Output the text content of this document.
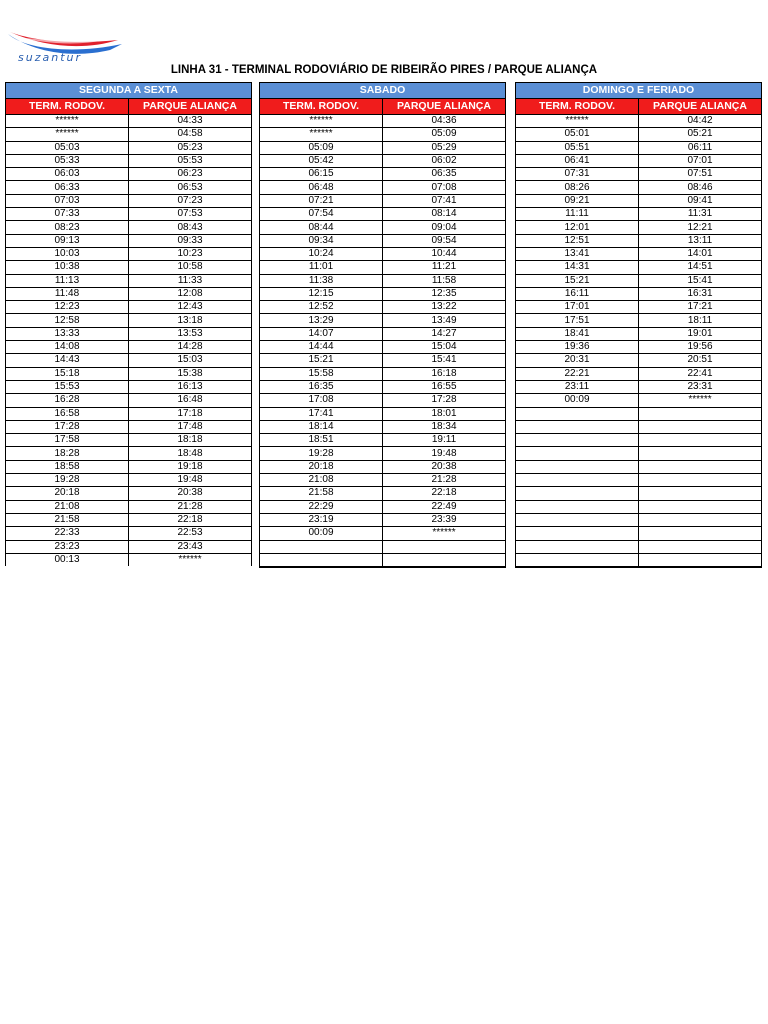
suzantur
LINHA 31 - TERMINAL RODOVIÁRIO DE RIBEIRÃO PIRES / PARQUE ALIANÇA
SEGUNDA A SEXTA	
TERM. RODOV.	PARQUE ALIANÇA
******	04:33
******	04:58
05:03	05:23
05:33	05:53
06:03	06:23
06:33	06:53
07:03	07:23
07:33	07:53
08:23	08:43
09:13	09:33
10:03	10:23
10:38	10:58
11:13	11:33
11:48	12:08
12:23	12:43
12:58	13:18
13:33	13:53
14:08	14:28
14:43	15:03
15:18	15:38
15:53	16:13
16:28	16:48
16:58	17:18
17:28	17:48
17:58	18:18
18:28	18:48
18:58	19:18
19:28	19:48
20:18	20:38
21:08	21:28
21:58	22:18
22:33	22:53
23:23	23:43
00:13	******
SABADO	
TERM. RODOV.	PARQUE ALIANÇA
******	04:36
******	05:09
05:09	05:29
05:42	06:02
06:15	06:35
06:48	07:08
07:21	07:41
07:54	08:14
08:44	09:04
09:34	09:54
10:24	10:44
11:01	11:21
11:38	11:58
12:15	12:35
12:52	13:22
13:29	13:49
14:07	14:27
14:44	15:04
15:21	15:41
15:58	16:18
16:35	16:55
17:08	17:28
17:41	18:01
18:14	18:34
18:51	19:11
19:28	19:48
20:18	20:38
21:08	21:28
21:58	22:18
22:29	22:49
23:19	23:39
00:09	******

DOMINGO E FERIADO	
TERM. RODOV.	PARQUE ALIANÇA
******	04:42
05:01	05:21
05:51	06:11
06:41	07:01
07:31	07:51
08:26	08:46
09:21	09:41
11:11	11:31
12:01	12:21
12:51	13:11
13:41	14:01
14:31	14:51
15:21	15:41
16:11	16:31
17:01	17:21
17:51	18:11
18:41	19:01
19:36	19:56
20:31	20:51
22:21	22:41
23:11	23:31
00:09	******
